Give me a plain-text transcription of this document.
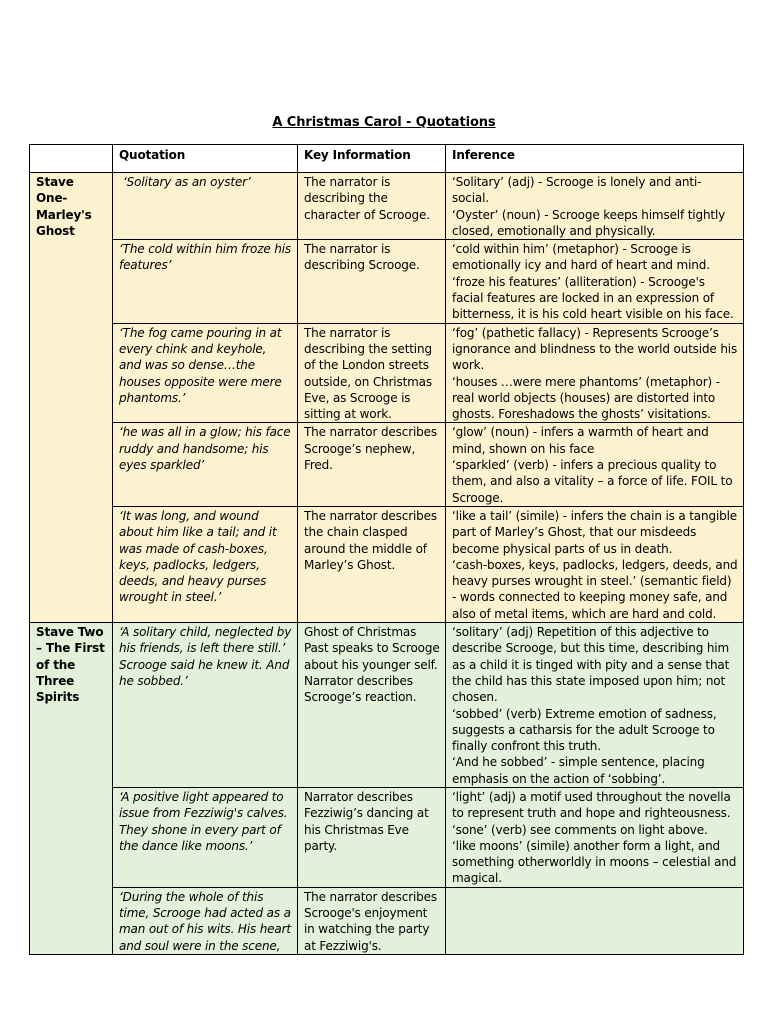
A Christmas Carol - Quotations
	Quotation	Key Information	Inference
Stave One- Marley's Ghost	‘Solitary as an oyster’	The narrator is describing the character of Scrooge.	‘Solitary’ (adj) - Scrooge is lonely and anti-social.
‘Oyster’ (noun) - Scrooge keeps himself tightly closed, emotionally and physically.

	‘The cold within him froze his features’	The narrator is describing Scrooge.	‘cold within him’ (metaphor) - Scrooge is emotionally icy and hard of heart and mind.
‘froze his features’ (alliteration) - Scrooge's facial features are locked in an expression of bitterness, it is his cold heart visible on his face.

	‘The fog came pouring in at every chink and keyhole, and was so dense…the houses opposite were mere phantoms.’	The narrator is describing the setting of the London streets outside, on Christmas Eve, as Scrooge is sitting at work.	‘fog’ (pathetic fallacy) - Represents Scrooge’s ignorance and blindness to the world outside his work.
‘houses …were mere phantoms’ (metaphor) - real world objects (houses) are distorted into ghosts. Foreshadows the ghosts’ visitations.

	‘he was all in a glow; his face ruddy and handsome; his eyes sparkled’	The narrator describes Scrooge’s nephew, Fred.	‘glow’ (noun) - infers a warmth of heart and mind, shown on his face
‘sparkled’ (verb) - infers a precious quality to them, and also a vitality – a force of life. FOIL to Scrooge.

	‘It was long, and wound about him like a tail; and it was made of cash-boxes, keys, padlocks, ledgers, deeds, and heavy purses wrought in steel.’	The narrator describes the chain clasped around the middle of Marley’s Ghost.	‘like a tail’ (simile) - infers the chain is a tangible part of Marley’s Ghost, that our misdeeds become physical parts of us in death.
‘cash-boxes, keys, padlocks, ledgers, deeds, and heavy purses wrought in steel.’ (semantic field) - words connected to keeping money safe, and also of metal items, which are hard and cold.

Stave Two – The First of the Three Spirits	‘A solitary child, neglected by his friends, is left there still.’ Scrooge said he knew it. And he sobbed.’	Ghost of Christmas Past speaks to Scrooge about his younger self. Narrator describes Scrooge’s reaction.	‘solitary’ (adj) Repetition of this adjective to describe Scrooge, but this time, describing him as a child it is tinged with pity and a sense that the child has this state imposed upon him; not chosen.
‘sobbed’ (verb) Extreme emotion of sadness, suggests a catharsis for the adult Scrooge to finally confront this truth.
‘And he sobbed’ - simple sentence, placing emphasis on the action of ‘sobbing’.

	‘A positive light appeared to issue from Fezziwig's calves. They shone in every part of the dance like moons.’	Narrator describes Fezziwig’s dancing at his Christmas Eve party.	‘light’ (adj) a motif used throughout the novella to represent truth and hope and righteousness.
‘sone’ (verb) see comments on light above.
‘like moons’ (simile) another form a light, and something otherworldly in moons – celestial and magical.

	‘During the whole of this time, Scrooge had acted as a man out of his wits. His heart and soul were in the scene,	The narrator describes Scrooge's enjoyment in watching the party at Fezziwig's.	
